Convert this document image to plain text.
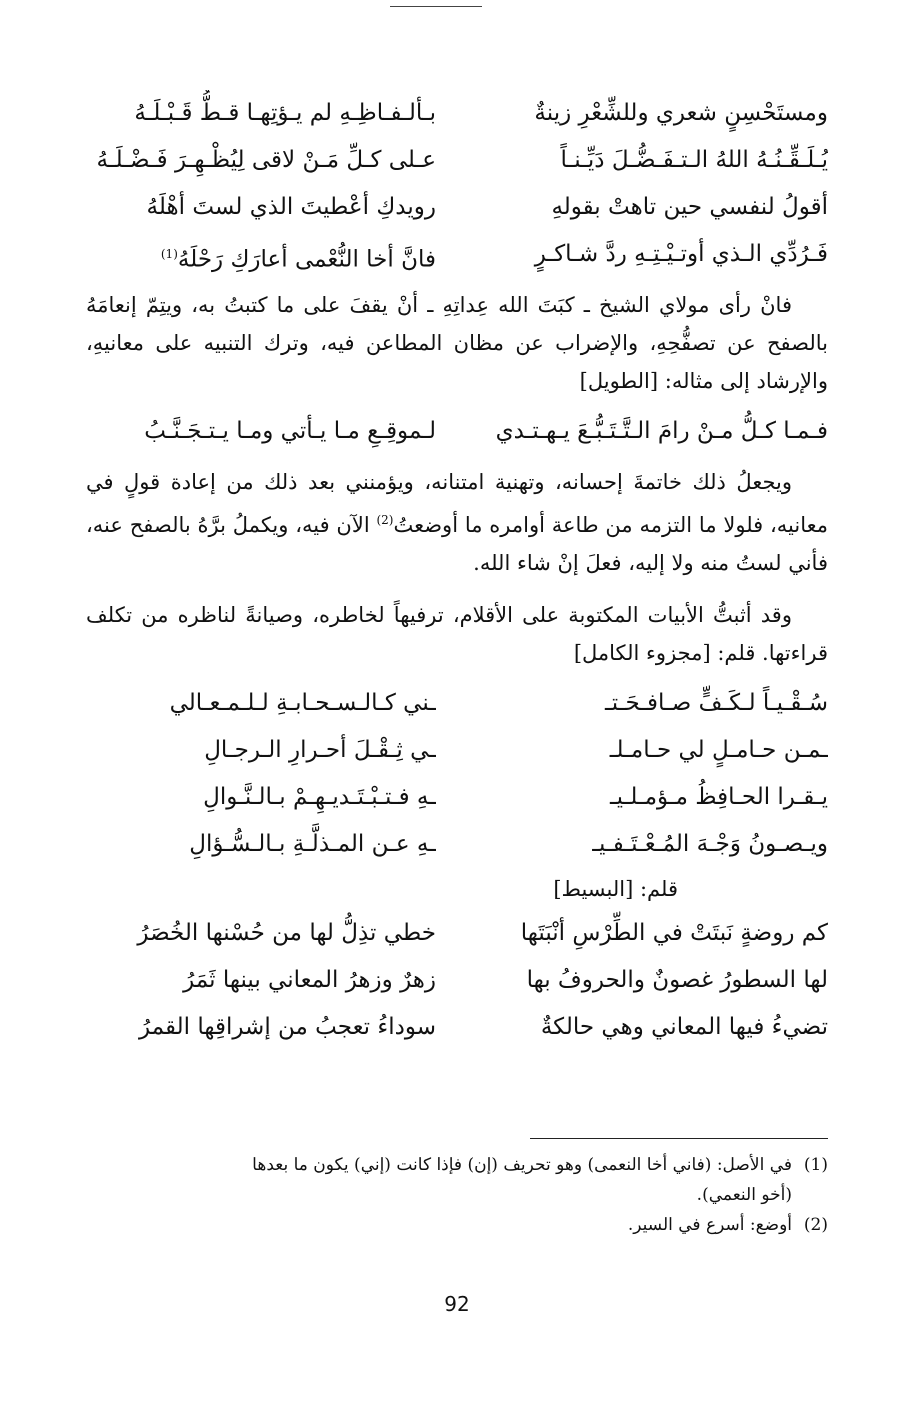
ومستَحْسِنٍ شعري وللشِّعْرِ زينةٌ
بـألـفـاظِـهِ لم يـؤتِهـا قـطُّ قَـبْـلَـهُ
يُـلَـقِّـنُـهُ اللهُ الـتـفَـضُّـلَ دَيِّـنـاً
عـلى كـلِّ مَـنْ لاقى لِيُظْـهِـرَ فَـضْـلَـهُ
أقولُ لنفسي حين تاهتْ بقولهِ
رويدكِ أعْطيتَ الذي لستَ أهْلَهُ
فَـرُدِّي الـذي أوتـيْـتِـهِ ردَّ شـاكـرٍ
فانَّ أخا النُّعْمى أعارَكِ رَحْلَهُ$^{(1)}$

فانْ رأى مولاي الشيخ ـ كبَتَ الله عِداتِهِ ـ أنْ يقفَ على ما كتبتُ به، ويتِمّ إنعامَهُ بالصفح عن تصفُّحِهِ، والإضراب عن مظان المطاعن فيه، وترك التنبيه على معانيهِ، والإرشاد إلى مثاله: [الطويل]

فـمـا كـلُّ مـنْ رامَ الـتَّـتَـبُّـعَ يـهـتـدي
لـموقِـعِ مـا يـأتي ومـا يـتـجَـنَّـبُ

ويجعلُ ذلك خاتمةَ إحسانه، وتهنية امتنانه، ويؤمنني بعد ذلك من إعادة قولٍ في معانيه، فلولا ما التزمه من طاعة أوامره ما أوضعتُ$^{(2)}$ الآن فيه، ويكملُ برَّهُ بالصفح عنه، فأني لستُ منه ولا إليه، فعلَ إنْ شاء الله.

وقد أثبتُّ الأبيات المكتوبة على الأقلام، ترفيهاً لخاطره، وصيانةً لناظره من تكلف قراءتها. قلم: [مجزوء الكامل]

سُـقْـيـاً لـكَـفٍّ صـافـحَـتـ
ـني كـالـسـحـابـةِ لـلـمـعـالي
ـمـن حـامـلٍ لي حـامـلـ
ـي ثِـقْـلَ أحـرارِ الـرجـالِ
يـقـرا الحـافِظُ مـؤمـلـيـ
ـهِ فـتـبْـتَـديـهِـمْ بـالـنَّـوالِ
ويـصـونُ وَجْـهَ المُـعْـتَـفـيـ
ـهِ عـن المـذلَّـةِ بـالـسُّـؤالِ
قلم: [البسيط]
كم روضةٍ نَبتَتْ في الطِّرْسِ أنْبَتَها
خطي تذِلُّ لها من حُسْنها الخُصَرُ
لها السطورُ غصونٌ والحروفُ بها
زهرٌ وزهرُ المعاني بينها ثَمَرُ
تضيءُ فيها المعاني وهي حالكةٌ
سوداءُ تعجبُ من إشراقِها القمرُ

(1)في الأصل: (فاني أخا النعمى) وهو تحريف (إن) فإذا كانت (إني) يكون ما بعدها

(أخو النعمي).

(2)أوضع: أسرع في السير.

92
